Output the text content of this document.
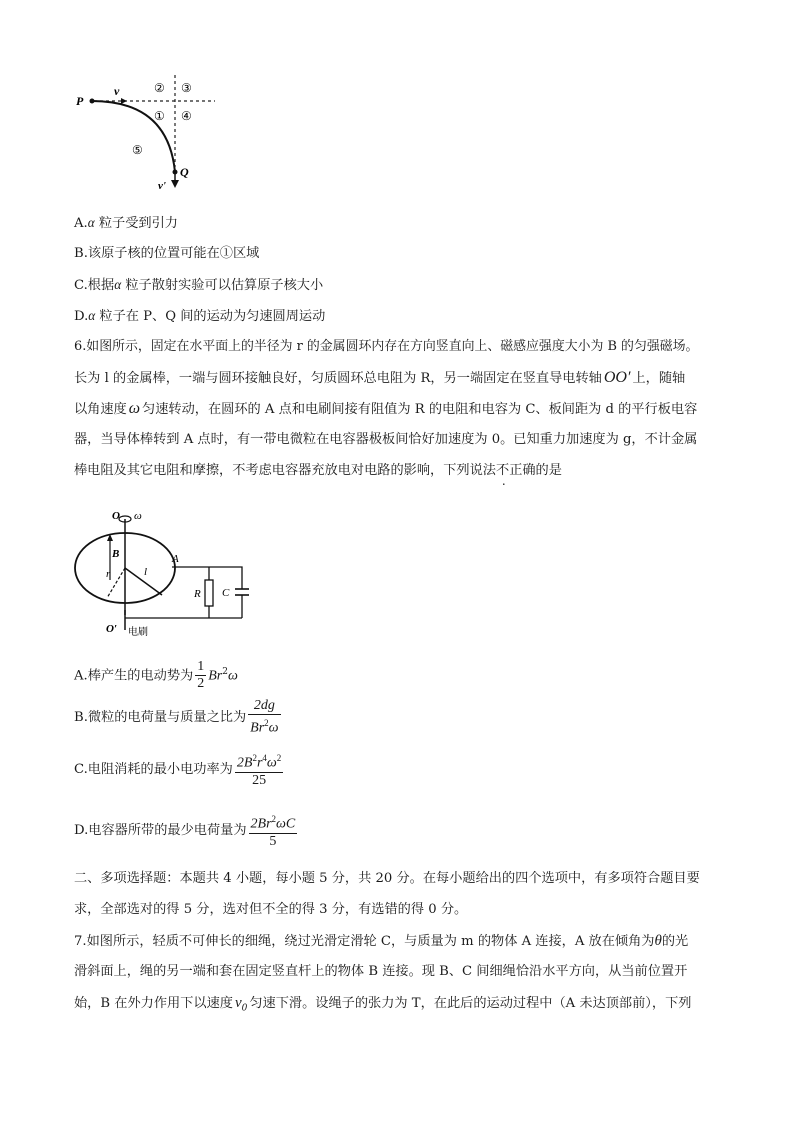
P
v
Q
v'
①
② ③
④
⑤
A.α 粒子受到引力
B.该原子核的位置可能在①区域
C.根据α 粒子散射实验可以估算原子核大小
D.α 粒子在 P、Q 间的运动为匀速圆周运动
6.如图所示，固定在水平面上的半径为 r 的金属圆环内存在方向竖直向上、磁感应强度大小为 B 的匀强磁场。
长为 l 的金属棒，一端与圆环接触良好，匀质圆环总电阻为 R，另一端固定在竖直导电转轴 OO′ 上，随轴
以角速度 ω 匀速转动，在圆环的 A 点和电刷间接有阻值为 R 的电阻和电容为 C、板间距为 d 的平行板电容
器，当导体棒转到 A 点时，有一带电微粒在电容器极板间恰好加速度为 0。已知重力加速度为 g，不计金属
棒电阻及其它电阻和摩擦，不考虑电容器充放电对电路的影响，下列说法不正确的是
O ω
B
r	l
A
R C
O′ 电刷
A.棒产生的电动势为 $\frac{1}{2} Br^2\omega$
B.微粒的电荷量与质量之比为 $\frac{2dg}{Br^2\omega}$
C.电阻消耗的最小电功率为 $\frac{2B^2r^4\omega^2}{25}$
D.电容器所带的最少电荷量为 $\frac{2Br^2\omega C}{5}$
二、多项选择题：本题共 4 小题，每小题 5 分，共 20 分。在每小题给出的四个选项中，有多项符合题目要
求，全部选对的得 5 分，选对但不全的得 3 分，有选错的得 0 分。
7.如图所示，轻质不可伸长的细绳，绕过光滑定滑轮 C，与质量为 m 的物体 A 连接，A 放在倾角为θ的光
滑斜面上，绳的另一端和套在固定竖直杆上的物体 B 连接。现 B、C 间细绳恰沿水平方向，从当前位置开
始，B 在外力作用下以速度 $v_0$ 匀速下滑。设绳子的张力为 T，在此后的运动过程中（A 未达顶部前），下列
